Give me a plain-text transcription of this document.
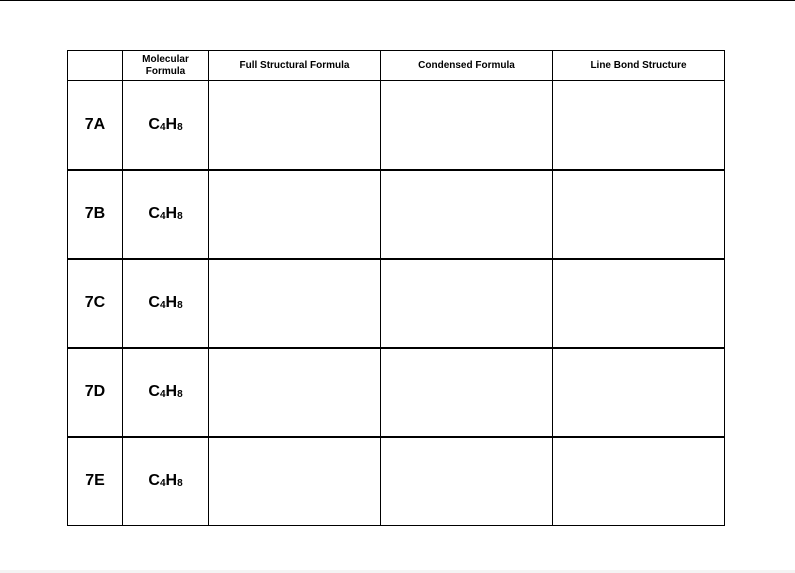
	Molecular Formula	Full Structural Formula	Condensed Formula	Line Bond Structure
7A	$C_4H_8$			
7B	$C_4H_8$			
7C	$C_4H_8$			
7D	$C_4H_8$			
7E	$C_4H_8$			
